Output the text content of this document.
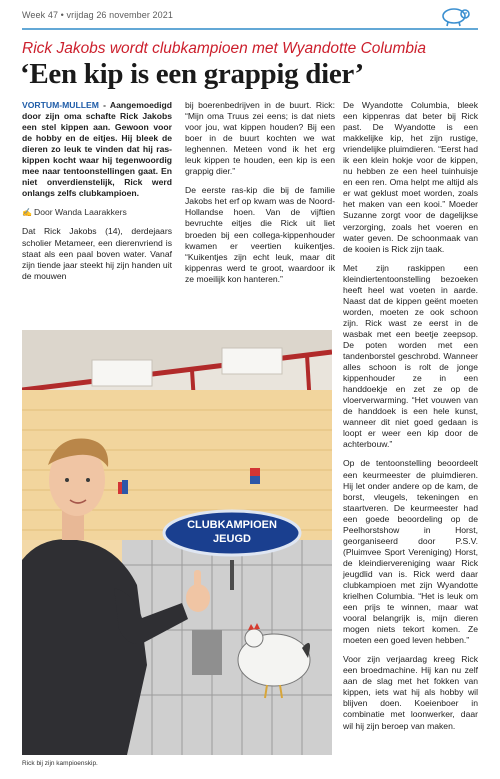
Week 47 • vrijdag 26 november 2021
Rick Jakobs wordt clubkampioen met Wyandotte Columbia
‘Een kip is een grappig dier’

VORTUM-MULLEM - Aangemoedigd door zijn oma schafte Rick Jakobs een stel kippen aan. Gewoon voor de hobby en de eitjes. Hij bleek de dieren zo leuk te vinden dat hij ras-kippen kocht waar hij tegenwoordig mee naar tentoonstellingen gaat. En niet onverdienstelijk, Rick werd onlangs zelfs clubkampioen.

✍ Door Wanda Laarakkers

Dat Rick Jakobs (14), derdejaars scholier Metameer, een dierenvriend is staat als een paal boven water. Vanaf zijn tiende jaar steekt hij zijn handen uit de mouwen

bij boerenbedrijven in de buurt. Rick: “Mijn oma Truus zei eens; is dat niets voor jou, wat kippen houden? Bij een boer in de buurt kochten we wat leghennen. Meteen vond ik het erg leuk kippen te houden, een kip is een grappig dier.”

De eerste ras-kip die bij de familie Jakobs het erf op kwam was de Noord-Hollandse hoen. Van de vijftien bevruchte eitjes die Rick uit liet broeden bij een collega-kippenhouder kwamen er veertien kuikentjes. “Kuikentjes zijn echt leuk, maar dit kippenras werd te groot, waardoor ik ze moeilijk kon hanteren.”

De Wyandotte Columbia, bleek een kippenras dat beter bij Rick past. De Wyandotte is een makkelijke kip, het zijn rustige, vriendelijke pluimdieren. “Eerst had ik een klein hokje voor de kippen, nu hebben ze een heel tuinhuisje en een ren. Oma helpt me altijd als er wat geklust moet worden, zoals het maken van een kooi.” Moeder Suzanne zorgt voor de dagelijkse verzorging, zoals het voeren en water geven. De schoonmaak van de kooien is Rick zijn taak.

Met zijn raskippen een kleindiertentoonstelling bezoeken heeft heel wat voeten in aarde. Naast dat de kippen geënt moeten worden, moeten ze ook schoon zijn. Rick wast ze eerst in de wasbak met een beetje zeepsop. De poten worden met een tandenborstel geschrobd. Wanneer alles schoon is rolt de jonge kippenhouder ze in een handdoekje en zet ze op de vloerverwarming. “Het vouwen van de handdoek is een hele kunst, wanneer dit niet goed gedaan is loopt er weer een kip door de achterbouw.”

Op de tentoonstelling beoordeelt een keurmeester de pluimdieren. Hij let onder andere op de kam, de borst, vleugels, tekeningen en staartveren. De keurmeester had een goede beoordeling op de Peelhorstshow in Horst, georganiseerd door P.S.V. (Pluimvee Sport Vereniging) Horst, de kleindiervereniging waar Rick jeugdlid van is. Rick werd daar clubkampioen met zijn Wyandotte krielhen Columbia. “Het is leuk om een prijs te winnen, maar wat vooral belangrijk is, mijn dieren mogen niets tekort komen. Ze moeten een goed leven hebben.”

Voor zijn verjaardag kreeg Rick een broedmachine. Hij kan nu zelf aan de slag met het fokken van kippen, iets wat hij als hobby wil blijven doen. Koeienboer in combinatie met loonwerker, daar wil hij zijn beroep van maken.

CLUBKAMPIOEN
JEUGD
Rick bij zijn kampioenskip.
